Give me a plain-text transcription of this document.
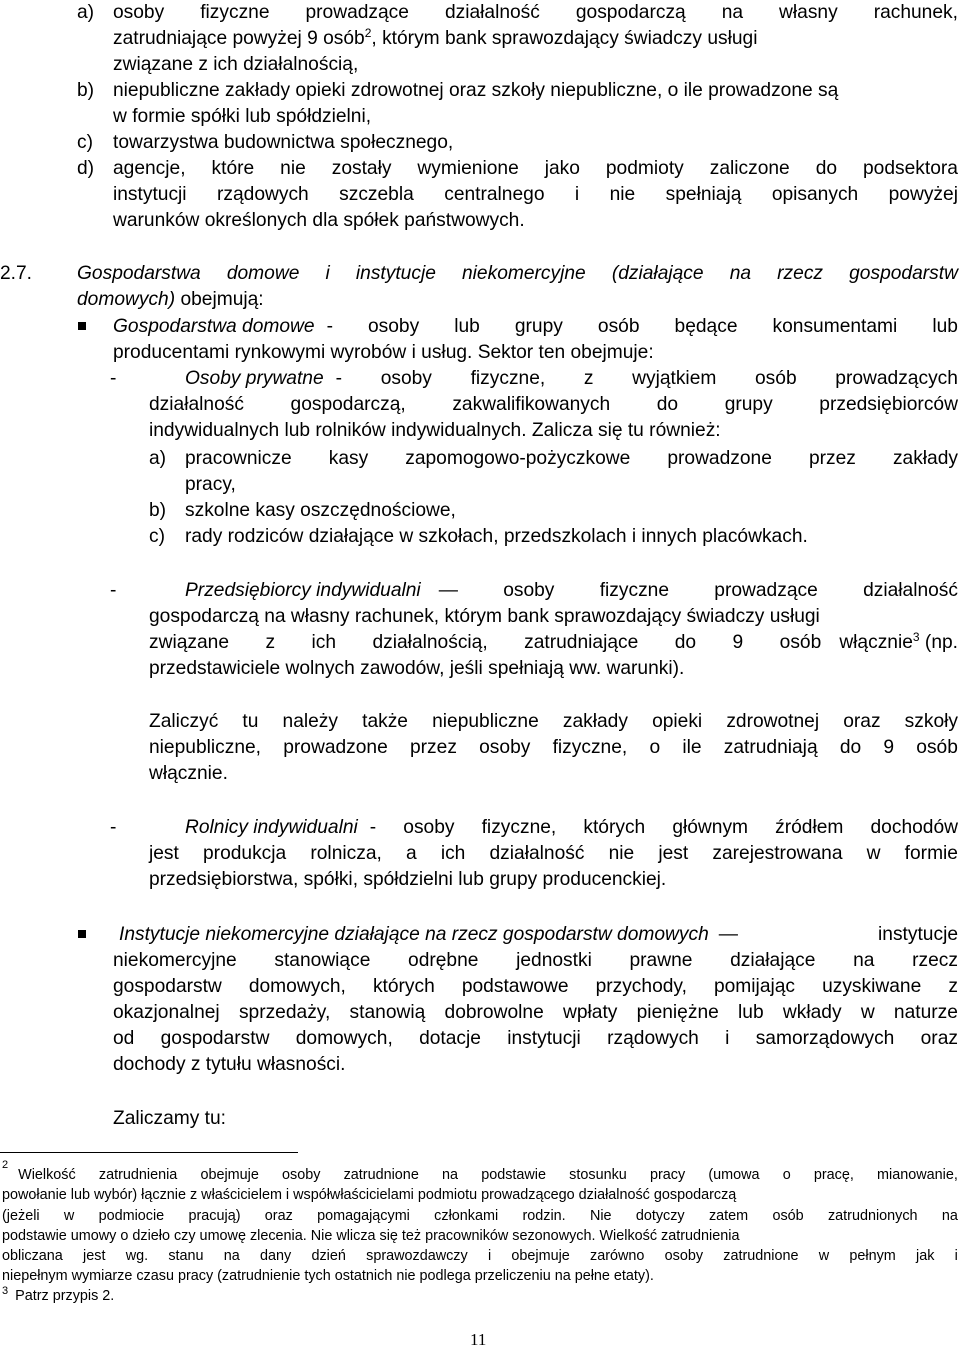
a) osoby fizyczne prowadzące działalność gospodarczą na własny rachunek,
zatrudniające powyżej 9 osób$^2$, którym bank sprawozdający świadczy usługi
związane z ich działalnością,
b) niepubliczne zakłady opieki zdrowotnej oraz szkoły niepubliczne, o ile prowadzone są
w formie spółki lub spółdzielni,
c) towarzystwa budownictwa społecznego,
d) agencje, które nie zostały wymienione jako podmioty zaliczone do podsektora
instytucji rządowych szczebla centralnego i nie spełniają opisanych powyżej
warunków określonych dla spółek państwowych.
2.7. Gospodarstwa domowe i instytucje niekomercyjne (działające na rzecz gospodarstw
domowych) obejmują:
Gospodarstwa domowe - osoby lub grupy osób będące konsumentami lub
producentami rynkowymi wyrobów i usług. Sektor ten obejmuje:
-	Osoby prywatne - osoby fizyczne, z wyjątkiem osób prowadzących
działalność gospodarczą, zakwalifikowanych do grupy przedsiębiorców
indywidualnych lub rolników indywidualnych. Zalicza się tu również:
a) pracownicze kasy zapomogowo-pożyczkowe prowadzone przez zakłady
pracy,
b) szkolne kasy oszczędnościowe,
c) rady rodziców działające w szkołach, przedszkolach i innych placówkach.
-	Przedsiębiorcy indywidualni — osoby fizyczne prowadzące działalność
gospodarczą na własny rachunek, którym bank sprawozdający świadczy usługi
związane z ich działalnością, zatrudniające do 9 osób włącznie$^3$ (np.
przedstawiciele wolnych zawodów, jeśli spełniają ww. warunki).
Zaliczyć tu należy także niepubliczne zakłady opieki zdrowotnej oraz szkoły
niepubliczne, prowadzone przez osoby fizyczne, o ile zatrudniają do 9 osób
włącznie.
-	Rolnicy indywidualni - osoby fizyczne, których głównym źródłem dochodów
jest produkcja rolnicza, a ich działalność nie jest zarejestrowana w formie
przedsiębiorstwa, spółki, spółdzielni lub grupy producenckiej.
Instytucje niekomercyjne działające na rzecz gospodarstw domowych —	instytucje
niekomercyjne stanowiące odrębne jednostki prawne działające na rzecz
gospodarstw domowych, których podstawowe przychody, pomijając uzyskiwane z
okazjonalnej sprzedaży, stanowią dobrowolne wpłaty pieniężne lub wkłady w naturze
od gospodarstw domowych, dotacje instytucji rządowych i samorządowych oraz
dochody z tytułu własności.
Zaliczamy tu:
2
Wielkość zatrudnienia obejmuje osoby zatrudnione na podstawie stosunku pracy (umowa o pracę, mianowanie,
powołanie lub wybór) łącznie z właścicielem i współwłaścicielami podmiotu prowadzącego działalność gospodarczą
(jeżeli w podmiocie pracują) oraz pomagającymi członkami rodzin. Nie dotyczy zatem osób zatrudnionych na
podstawie umowy o dzieło czy umowę zlecenia. Nie wlicza się też pracowników sezonowych. Wielkość zatrudnienia
obliczana jest wg. stanu na dany dzień sprawozdawczy i obejmuje zarówno osoby zatrudnione w pełnym jak i
niepełnym wymiarze czasu pracy (zatrudnienie tych ostatnich nie podlega przeliczeniu na pełne etaty).
$^3$ Patrz przypis 2.
11
